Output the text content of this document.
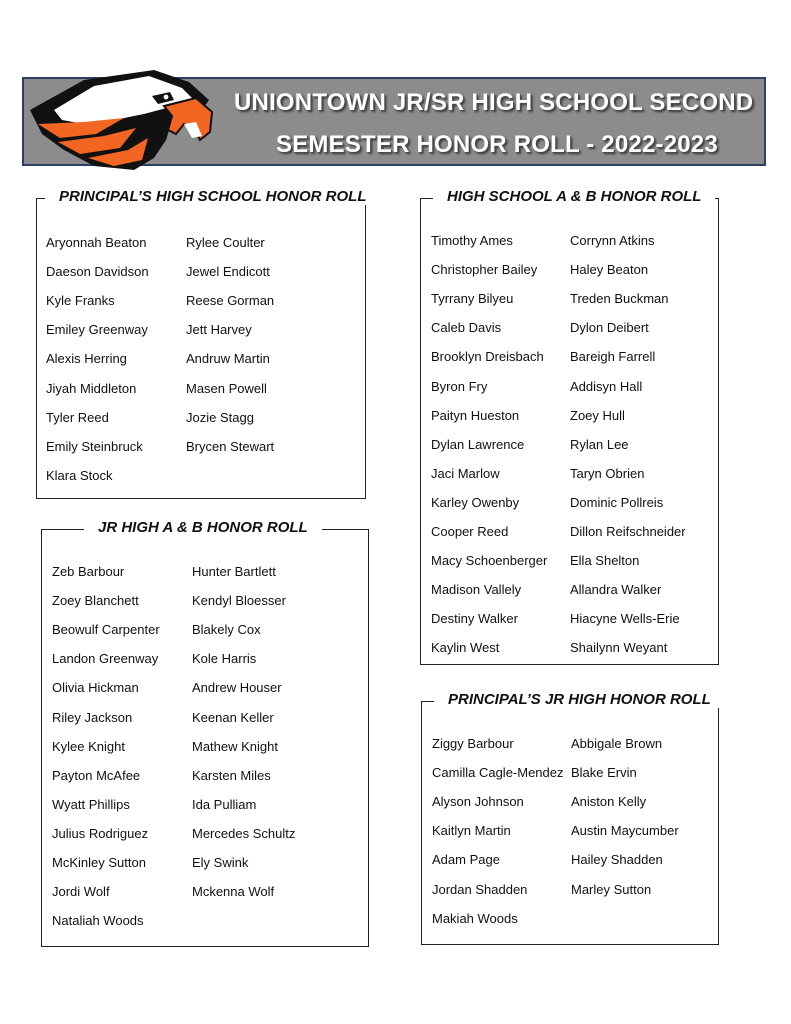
UNIONTOWN JR/SR HIGH SCHOOL SECOND
SEMESTER HONOR ROLL - 2022-2023
PRINCIPAL’S HIGH SCHOOL HONOR ROLL
Aryonnah Beaton
Daeson Davidson
Kyle Franks
Emiley Greenway
Alexis Herring
Jiyah Middleton
Tyler Reed
Emily Steinbruck
Klara Stock
Rylee Coulter
Jewel Endicott
Reese Gorman
Jett Harvey
Andruw Martin
Masen Powell
Jozie Stagg
Brycen Stewart
JR HIGH A & B HONOR ROLL
Zeb Barbour
Zoey Blanchett
Beowulf Carpenter
Landon Greenway
Olivia Hickman
Riley Jackson
Kylee Knight
Payton McAfee
Wyatt Phillips
Julius Rodriguez
McKinley Sutton
Jordi Wolf
Nataliah Woods
Hunter Bartlett
Kendyl Bloesser
Blakely Cox
Kole Harris
Andrew Houser
Keenan Keller
Mathew Knight
Karsten Miles
Ida Pulliam
Mercedes Schultz
Ely Swink
Mckenna Wolf
HIGH SCHOOL A & B HONOR ROLL
Timothy Ames
Christopher Bailey
Tyrrany Bilyeu
Caleb Davis
Brooklyn Dreisbach
Byron Fry
Paityn Hueston
Dylan Lawrence
Jaci Marlow
Karley Owenby
Cooper Reed
Macy Schoenberger
Madison Vallely
Destiny Walker
Kaylin West
Corrynn Atkins
Haley Beaton
Treden Buckman
Dylon Deibert
Bareigh Farrell
Addisyn Hall
Zoey Hull
Rylan Lee
Taryn Obrien
Dominic Pollreis
Dillon Reifschneider
Ella Shelton
Allandra Walker
Hiacyne Wells-Erie
Shailynn Weyant
PRINCIPAL’S JR HIGH HONOR ROLL
Ziggy Barbour
Camilla Cagle-Mendez
Alyson Johnson
Kaitlyn Martin
Adam Page
Jordan Shadden
Makiah Woods
Abbigale Brown
Blake Ervin
Aniston Kelly
Austin Maycumber
Hailey Shadden
Marley Sutton
